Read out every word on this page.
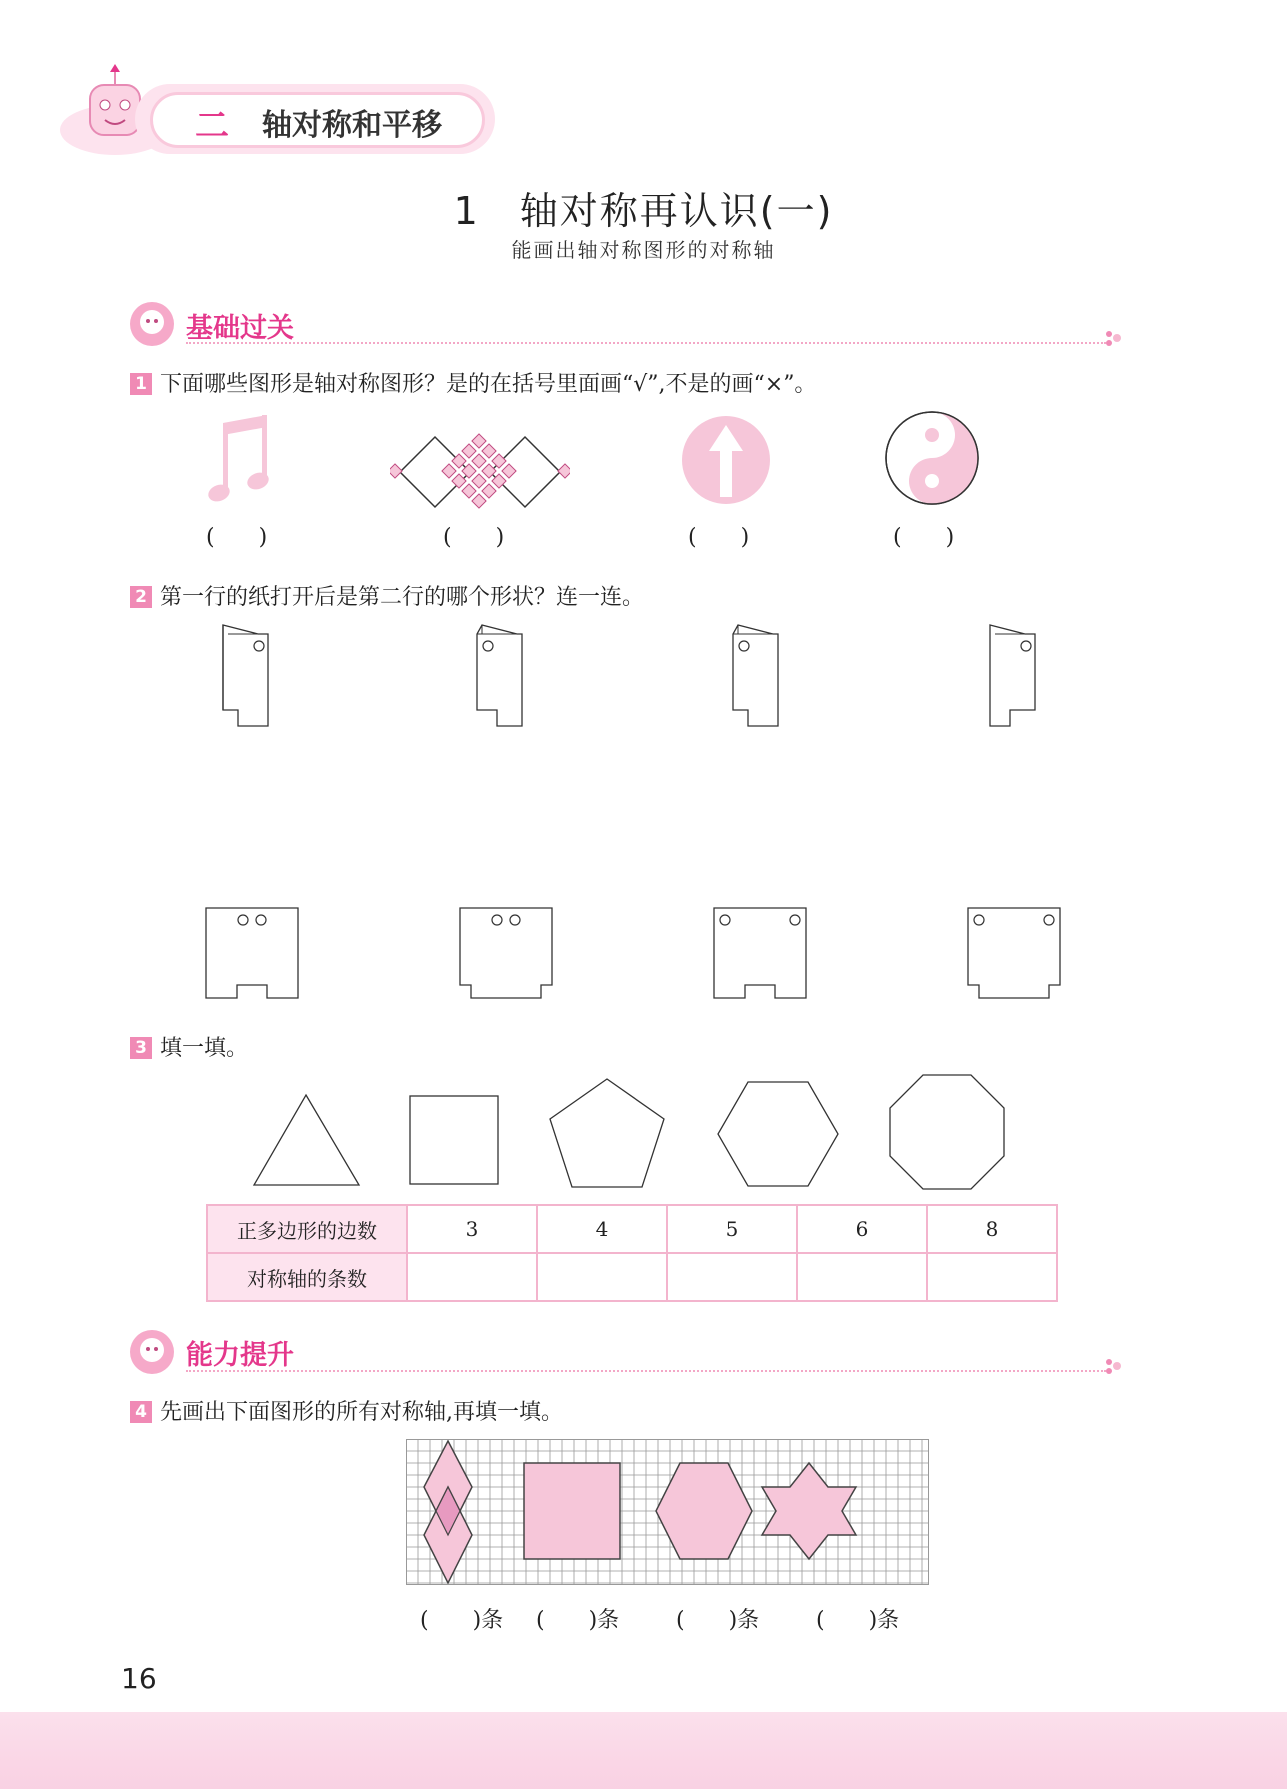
二 轴对称和平移
1　轴对称再认识(一)
能画出轴对称图形的对称轴
基础过关
1 下面哪些图形是轴对称图形？是的在括号里面画“√”,不是的画“×”。
(　　)	(　　)	(　　)	(　　)
2 第一行的纸打开后是第二行的哪个形状？连一连。
3 填一填。
正多边形的边数	3	4	5	6	8
对称轴的条数					
能力提升
4 先画出下面图形的所有对称轴,再填一填。
(　　)条 (　　)条	(　　)条	(　　)条
16
